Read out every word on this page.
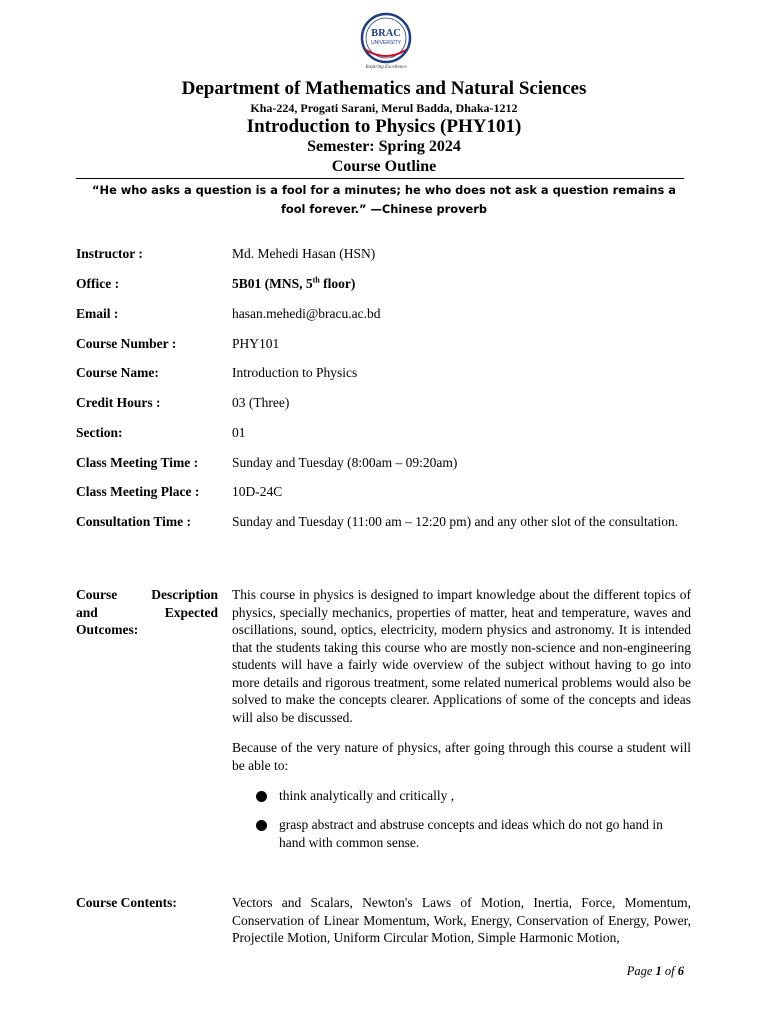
BRAC
UNIVERSITY
Inspiring Excellence
Department of Mathematics and Natural Sciences
Kha-224, Progati Sarani, Merul Badda, Dhaka-1212
Introduction to Physics (PHY101)
Semester: Spring 2024
Course Outline
“He who asks a question is a fool for a minutes; he who does not ask a question remains a fool forever.” —Chinese proverb
Instructor :	Md. Mehedi Hasan (HSN)
Office :	5B01 (MNS, 5th floor)
Email :	hasan.mehedi@bracu.ac.bd
Course Number :	PHY101
Course Name:	Introduction to Physics
Credit Hours :	03 (Three)
Section:	01
Class Meeting Time :	Sunday and Tuesday (8:00am – 09:20am)
Class Meeting Place :	10D-24C
Consultation Time :	Sunday and Tuesday (11:00 am – 12:20 pm) and any other slot of the consultation.
Course Description
and Expected
Outcomes:
This course in physics is designed to impart knowledge about the different topics of physics, specially mechanics, properties of matter, heat and temperature, waves and oscillations, sound, optics, electricity, modern physics and astronomy. It is intended that the students taking this course who are mostly non-science and non-engineering students will have a fairly wide overview of the subject without having to go into more details and rigorous treatment, some related numerical problems would also be solved to make the concepts clearer. Applications of some of the concepts and ideas will also be discussed.
Because of the very nature of physics, after going through this course a student will be able to:
think analytically and critically ,
grasp abstract and abstruse concepts and ideas which do not go hand in hand with common sense.
Course Contents:	Vectors and Scalars, Newton's Laws of Motion, Inertia, Force, Momentum, Conservation of Linear Momentum, Work, Energy, Conservation of Energy, Power, Projectile Motion, Uniform Circular Motion, Simple Harmonic Motion,
Page 1 of 6
